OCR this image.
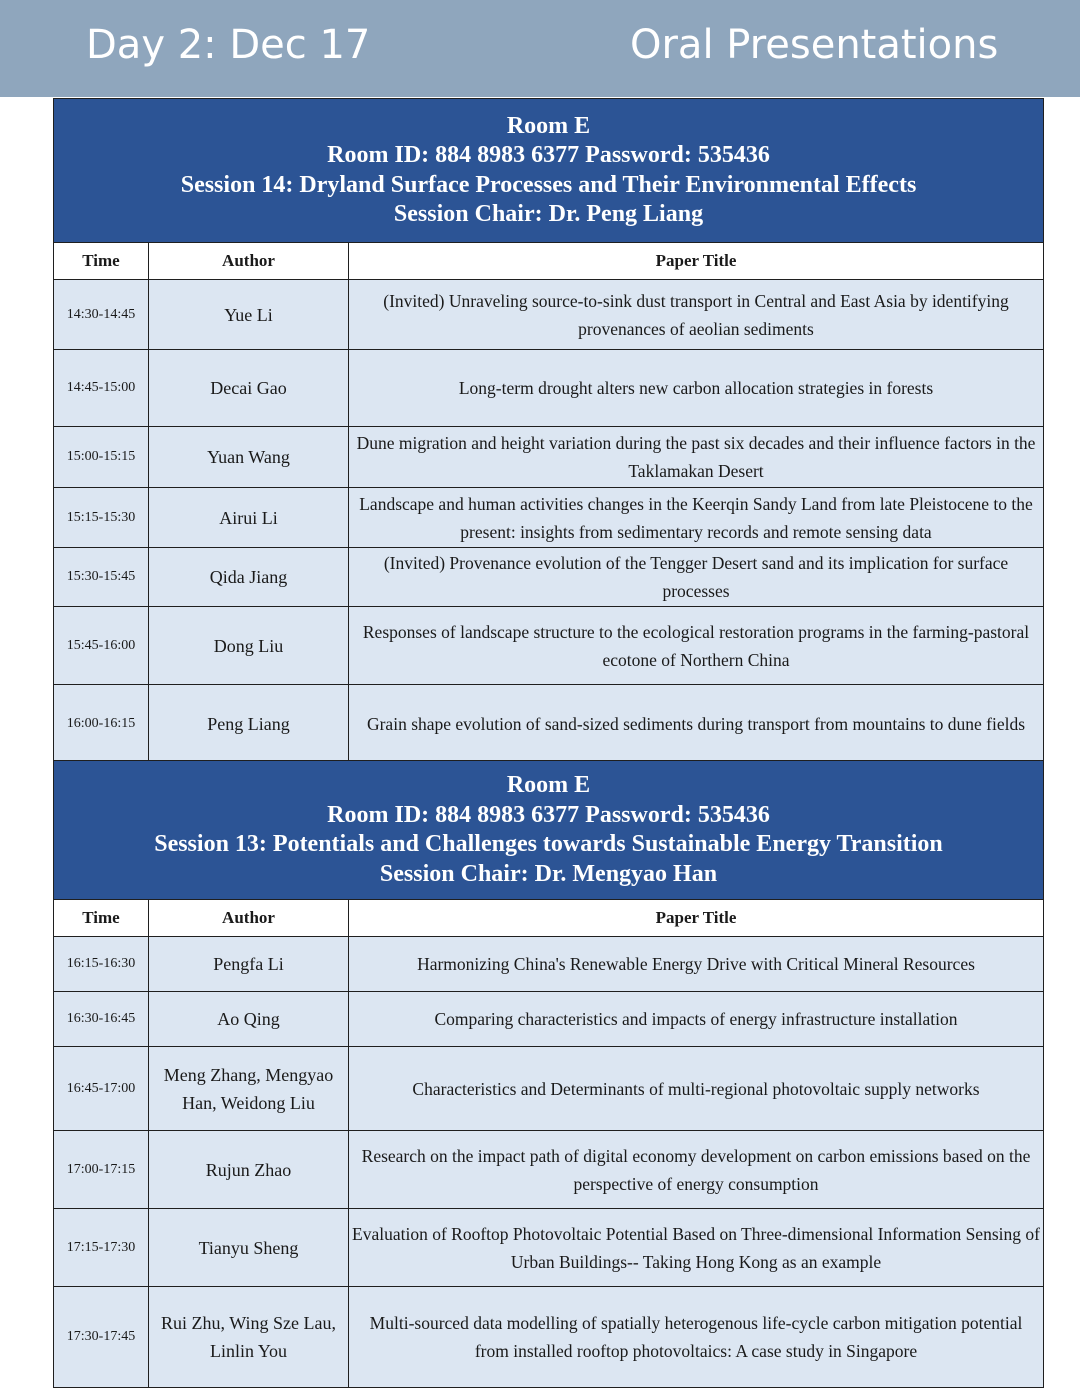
Day 2: Dec 17	Oral Presentations
Room E
Room ID: 884 8983 6377 Password: 535436
Session 14: Dryland Surface Processes and Their Environmental Effects
Session Chair: Dr. Peng Liang		

Time	Author	Paper Title
14:30-14:45	Yue Li	(Invited) Unraveling source-to-sink dust transport in Central and East Asia by identifying provenances of aeolian sediments
14:45-15:00	Decai Gao	Long-term drought alters new carbon allocation strategies in forests
15:00-15:15	Yuan Wang	Dune migration and height variation during the past six decades and their influence factors in the Taklamakan Desert
15:15-15:30	Airui Li	Landscape and human activities changes in the Keerqin Sandy Land from late Pleistocene to the present: insights from sedimentary records and remote sensing data
15:30-15:45	Qida Jiang	(Invited) Provenance evolution of the Tengger Desert sand and its implication for surface processes
15:45-16:00	Dong Liu	Responses of landscape structure to the ecological restoration programs in the farming-pastoral ecotone of Northern China
16:00-16:15	Peng Liang	Grain shape evolution of sand-sized sediments during transport from mountains to dune fields
Room E
Room ID: 884 8983 6377 Password: 535436
Session 13: Potentials and Challenges towards Sustainable Energy Transition
Session Chair: Dr. Mengyao Han		

Time	Author	Paper Title
16:15-16:30	Pengfa Li	Harmonizing China's Renewable Energy Drive with Critical Mineral Resources
16:30-16:45	Ao Qing	Comparing characteristics and impacts of energy infrastructure installation
16:45-17:00	Meng Zhang, Mengyao Han, Weidong Liu	Characteristics and Determinants of multi-regional photovoltaic supply networks
17:00-17:15	Rujun Zhao	Research on the impact path of digital economy development on carbon emissions based on the perspective of energy consumption
17:15-17:30	Tianyu Sheng	Evaluation of Rooftop Photovoltaic Potential Based on Three-dimensional Information Sensing of Urban Buildings-- Taking Hong Kong as an example
17:30-17:45	Rui Zhu, Wing Sze Lau, Linlin You	Multi-sourced data modelling of spatially heterogenous life-cycle carbon mitigation potential from installed rooftop photovoltaics: A case study in Singapore
